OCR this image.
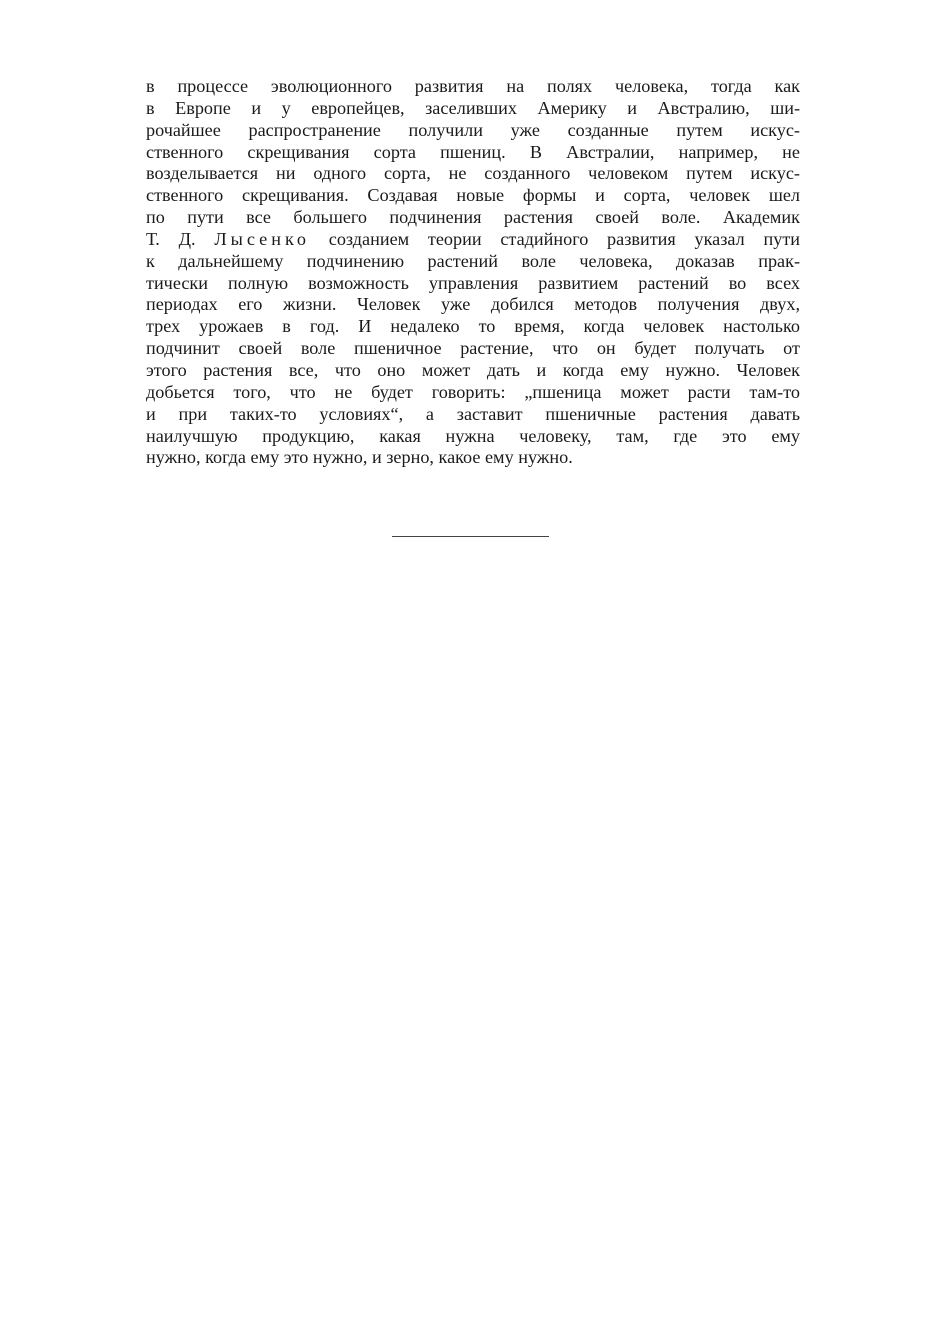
в процессе эволюционного развития на полях человека, тогда как
в Европе и у европейцев, заселивших Америку и Австралию, ши-
рочайшее распространение получили уже созданные путем искус-
ственного скрещивания сорта пшениц. В Австралии, например, не
возделывается ни одного сорта, не созданного человеком путем искус-
ственного скрещивания. Создавая новые формы и сорта, человек шел
по пути все большего подчинения растения своей воле. Академик
Т. Д. Лысенко созданием теории стадийного развития указал пути
к дальнейшему подчинению растений воле человека, доказав прак-
тически полную возможность управления развитием растений во всех
периодах его жизни. Человек уже добился методов получения двух,
трех урожаев в год. И недалеко то время, когда человек настолько
подчинит своей воле пшеничное растение, что он будет получать от
этого растения все, что оно может дать и когда ему нужно. Человек
добьется того, что не будет говорить: „пшеница может расти там-то
и при таких-то условиях“, а заставит пшеничные растения давать
наилучшую продукцию, какая нужна человеку, там, где это ему
нужно, когда ему это нужно, и зерно, какое ему нужно.
